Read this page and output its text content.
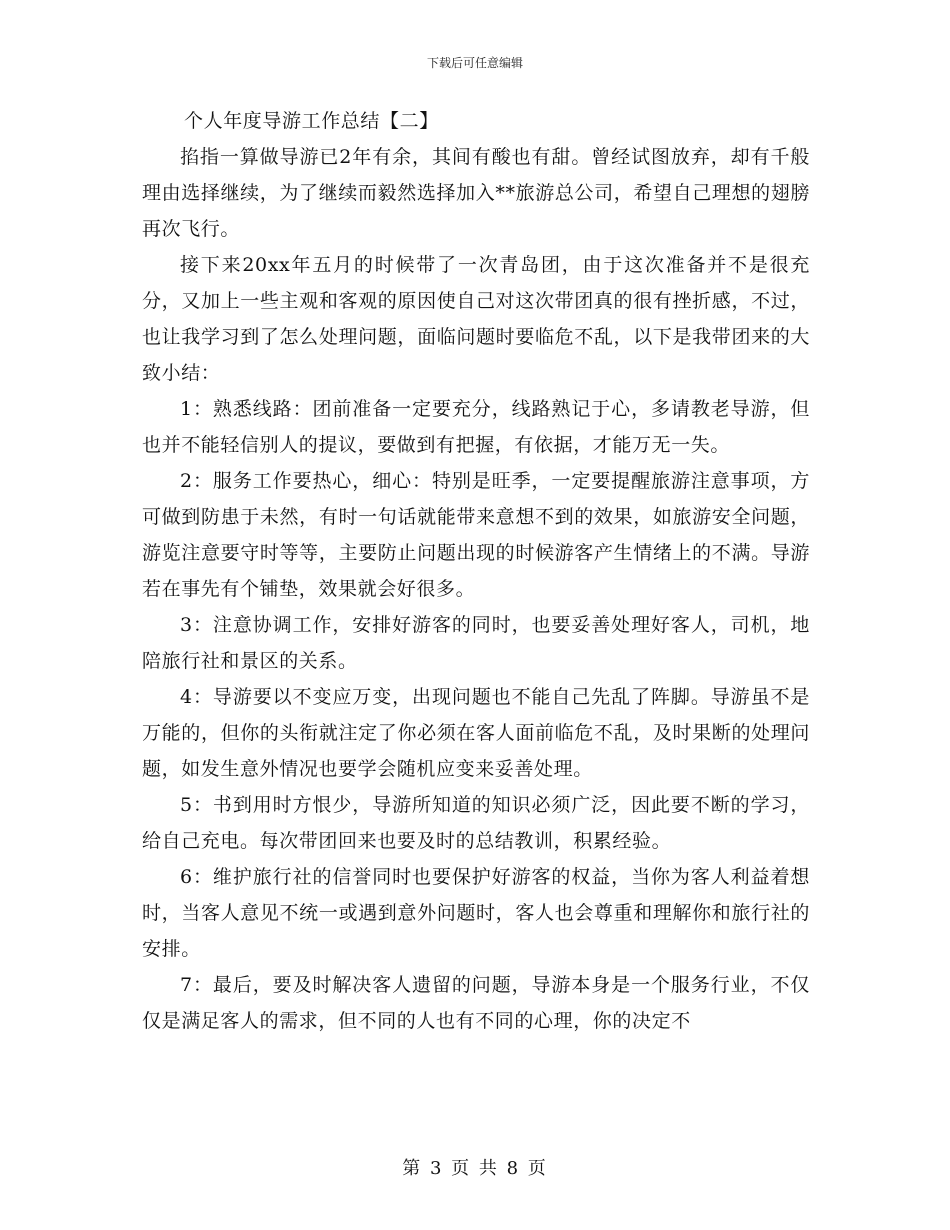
下载后可任意编辑

个人年度导游工作总结【二】

掐指一算做导游已2年有余，其间有酸也有甜。曾经试图放弃，却有千般理由选择继续，为了继续而毅然选择加入**旅游总公司，希望自己理想的翅膀再次飞行。

接下来20xx年五月的时候带了一次青岛团，由于这次准备并不是很充分，又加上一些主观和客观的原因使自己对这次带团真的很有挫折感，不过，也让我学习到了怎么处理问题，面临问题时要临危不乱，以下是我带团来的大致小结：

1：熟悉线路：团前准备一定要充分，线路熟记于心，多请教老导游，但也并不能轻信别人的提议，要做到有把握，有依据，才能万无一失。

2：服务工作要热心，细心：特别是旺季，一定要提醒旅游注意事项，方可做到防患于未然，有时一句话就能带来意想不到的效果，如旅游安全问题，游览注意要守时等等，主要防止问题出现的时候游客产生情绪上的不满。导游若在事先有个铺垫，效果就会好很多。

3：注意协调工作，安排好游客的同时，也要妥善处理好客人，司机，地陪旅行社和景区的关系。

4：导游要以不变应万变，出现问题也不能自己先乱了阵脚。导游虽不是万能的，但你的头衔就注定了你必须在客人面前临危不乱，及时果断的处理问题，如发生意外情况也要学会随机应变来妥善处理。

5：书到用时方恨少，导游所知道的知识必须广泛，因此要不断的学习，给自己充电。每次带团回来也要及时的总结教训，积累经验。

6：维护旅行社的信誉同时也要保护好游客的权益，当你为客人利益着想时，当客人意见不统一或遇到意外问题时，客人也会尊重和理解你和旅行社的安排。

7：最后，要及时解决客人遗留的问题，导游本身是一个服务行业，不仅仅是满足客人的需求，但不同的人也有不同的心理，你的决定不

第 3 页 共 8 页
